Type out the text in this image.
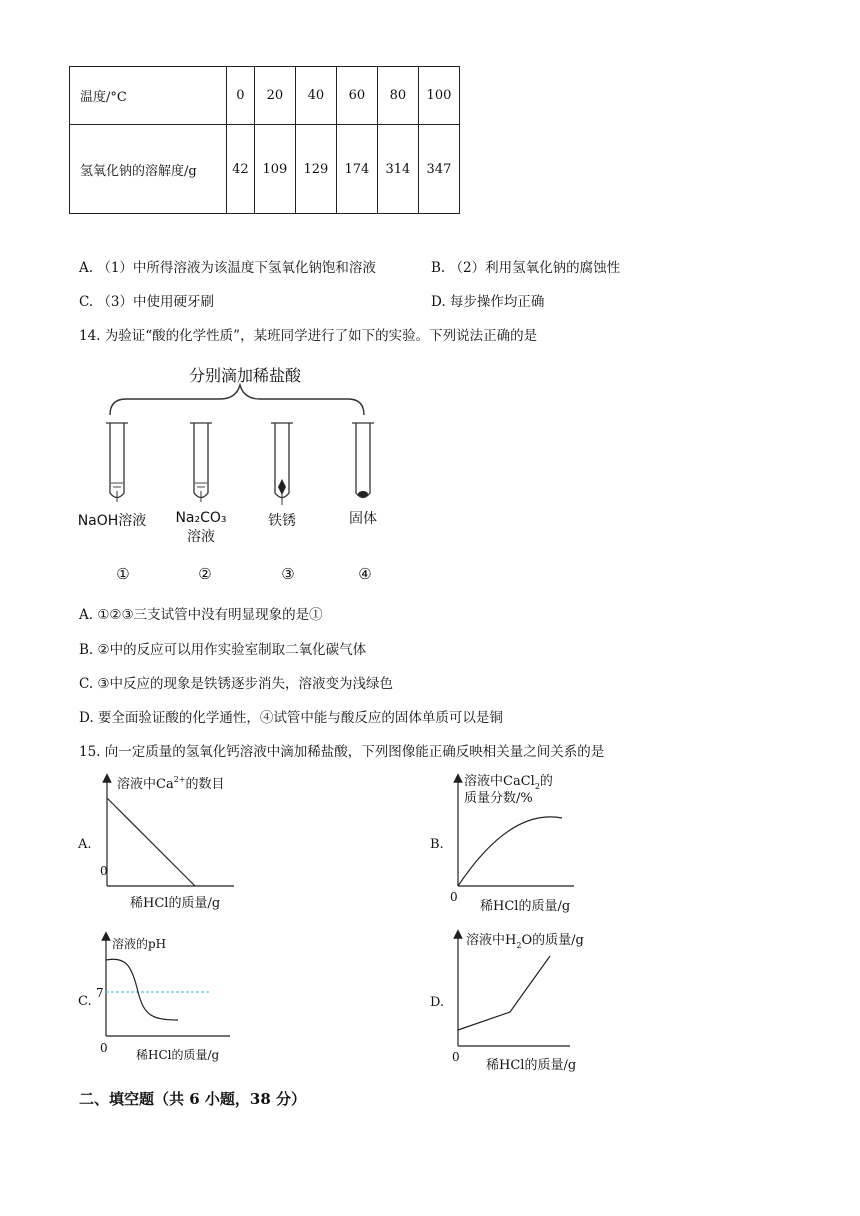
温度/°C	0	20	40	60	80	100
氢氧化钠的溶解度/g	42	109	129	174	314	347
A. （1）中所得溶液为该温度下氢氧化钠饱和溶液	B. （2）利用氢氧化钠的腐蚀性
C. （3）中使用硬牙刷	D. 每步操作均正确
14. 为验证“酸的化学性质”，某班同学进行了如下的实验。下列说法正确的是
分别滴加稀盐酸
NaOH溶液 Na₂CO₃
溶液
铁锈	固体
①	②	③	④
A. ①②③三支试管中没有明显现象的是①
B. ②中的反应可以用作实验室制取二氧化碳气体
C. ③中反应的现象是铁锈逐步消失，溶液变为浅绿色
D. 要全面验证酸的化学通性，④试管中能与酸反应的固体单质可以是铜
15. 向一定质量的氢氧化钙溶液中滴加稀盐酸，下列图像能正确反映相关量之间关系的是
A.
溶液中$Ca^{2+}$的数目
0
稀HCl的质量/g
B.
溶液中CaCl$_2$的
质量分数/%
0
稀HCl的质量/g
C.
溶液的pH
7
0 稀HCl的质量/g
D.
溶液中$H_2O$的质量/g
0
稀HCl的质量/g
二、填空题（共 6 小题，38 分）
